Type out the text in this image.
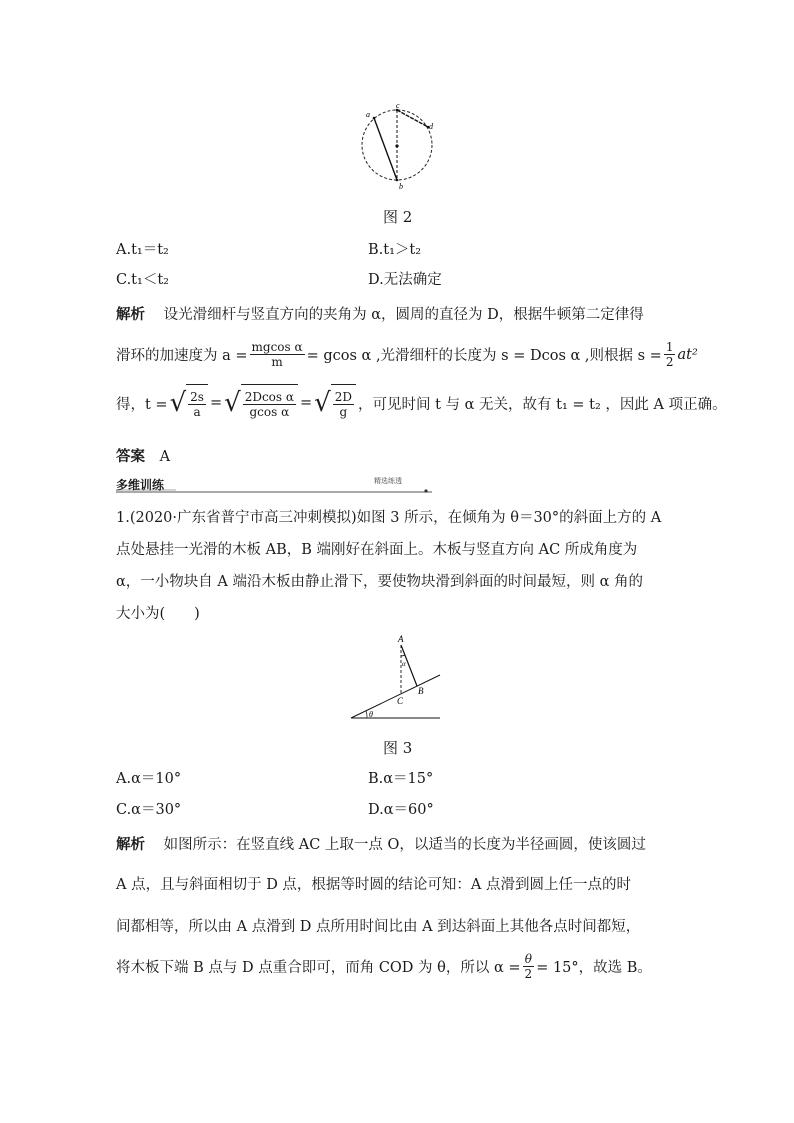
a
c
d
b
图 2
A.t₁＝t₂	B.t₁＞t₂
C.t₁＜t₂	D.无法确定
解析 设光滑细杆与竖直方向的夹角为 α，圆周的直径为 D，根据牛顿第二定律得
滑环的加速度为 $a = \frac{\text{mgcos α}}{m} = gcos$ α ,光滑细杆的长度为 s = Dcos α ,则根据 $s = \frac{1}{2} at^2$
得，t = √ $\frac{2s}{a}$ = √ $\frac{\text{2Dcos α}}{\text{gcos α}}$ = √ $\frac{2D}{g}$ ，可见时间 t 与 α 无关，故有 t₁ = t₂ ，因此 A 项正确。
答案 A
多维训练	精选练透
1.(2020·广东省普宁市高三冲刺模拟)如图 3 所示，在倾角为 θ＝30°的斜面上方的 A
点处悬挂一光滑的木板 AB，B 端刚好在斜面上。木板与竖直方向 AC 所成角度为
α，一小物块自 A 端沿木板由静止滑下，要使物块滑到斜面的时间最短，则 α 角的
大小为(　　)
A
α
B
C
θ
图 3
A.α＝10°	B.α＝15°
C.α＝30°	D.α＝60°
解析 如图所示：在竖直线 AC 上取一点 O，以适当的长度为半径画圆，使该圆过
A 点，且与斜面相切于 D 点，根据等时圆的结论可知：A 点滑到圆上任一点的时
间都相等，所以由 A 点滑到 D 点所用时间比由 A 到达斜面上其他各点时间都短，
将木板下端 B 点与 D 点重合即可，而角 COD 为 θ，所以 $\alpha = \frac{\theta}{2} = 15^\circ$，故选 B。
